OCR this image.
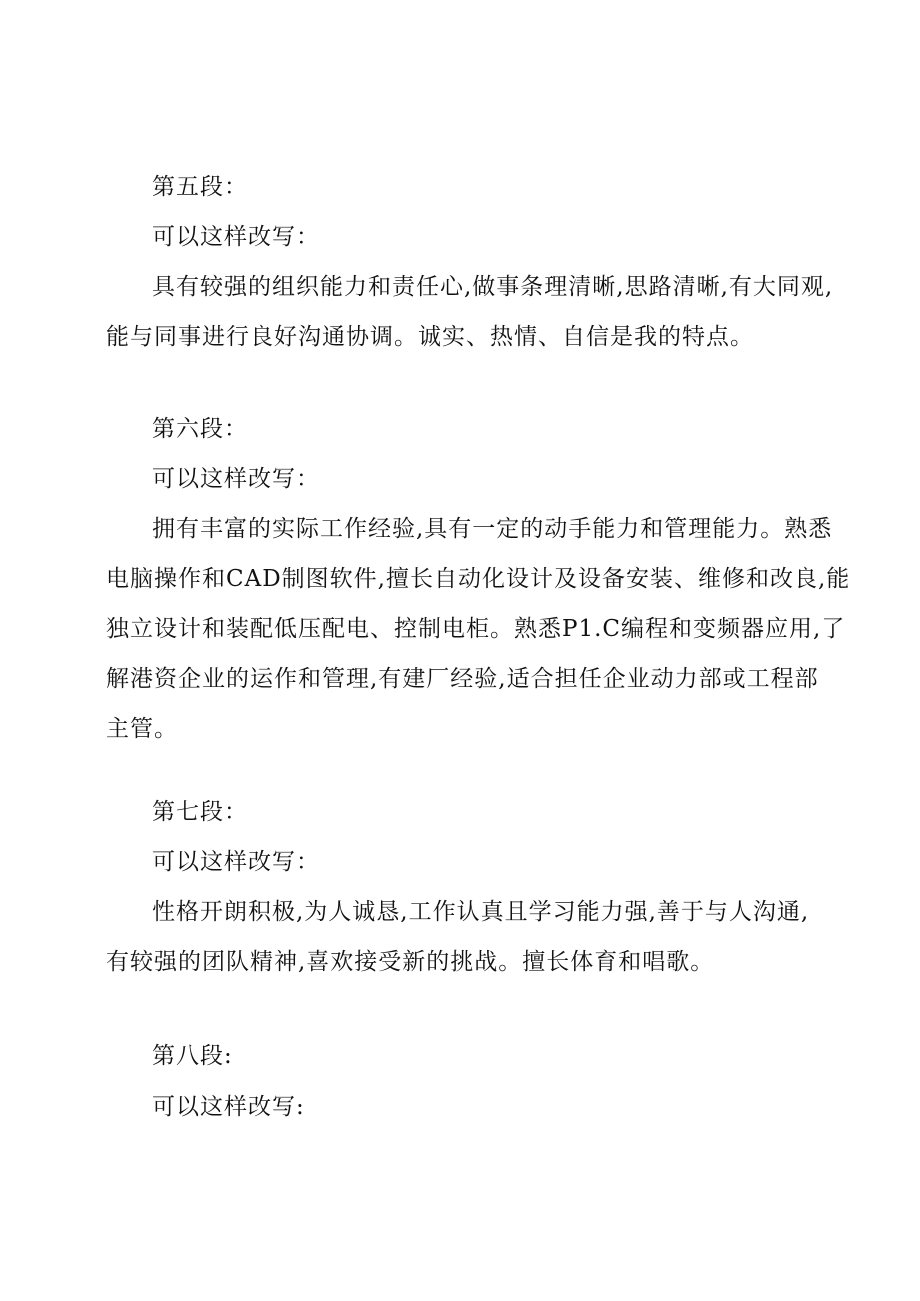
第五段：
可以这样改写：
具有较强的组织能力和责任心,做事条理清晰,思路清晰,有大同观,
能与同事进行良好沟通协调。诚实、热情、自信是我的特点。
第六段：
可以这样改写：
拥有丰富的实际工作经验,具有一定的动手能力和管理能力。熟悉
电脑操作和CAD制图软件,擅长自动化设计及设备安装、维修和改良,能
独立设计和装配低压配电、控制电柜。熟悉P1.C编程和变频器应用,了
解港资企业的运作和管理,有建厂经验,适合担任企业动力部或工程部
主管。
第七段：
可以这样改写：
性格开朗积极,为人诚恳,工作认真且学习能力强,善于与人沟通,
有较强的团队精神,喜欢接受新的挑战。擅长体育和唱歌。
第八段:
可以这样改写:
